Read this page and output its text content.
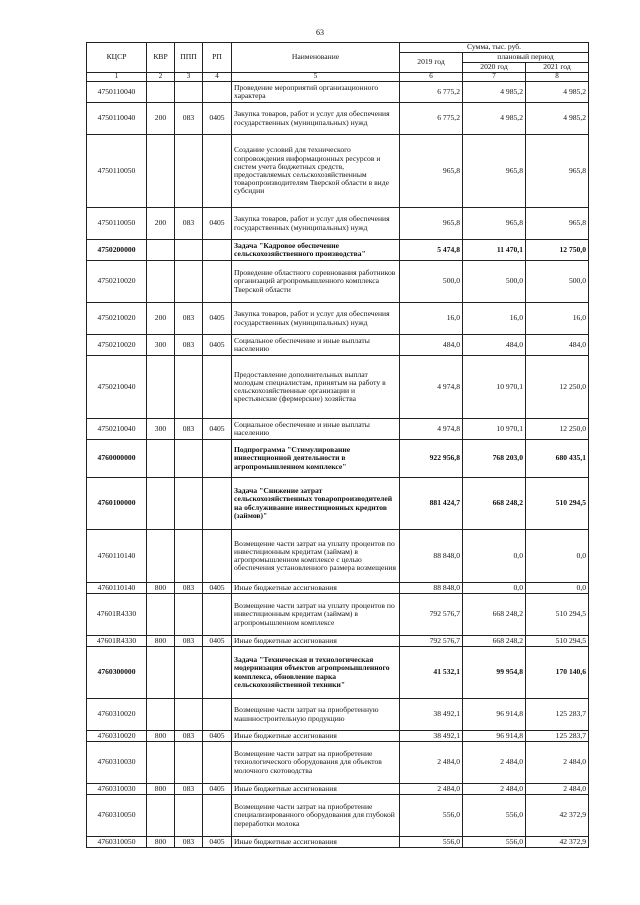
63
КЦСР	КВР	ППП	РП	Наименование	Сумма, тыс. руб.		
					2019 год	плановый период	
						2020 год	2021 год
1	2	3	4	5	6	7	8
4750110040				Проведение мероприятий организационного характера	6 775,2	4 985,2	4 985,2
4750110040	200	083	0405	Закупка товаров, работ и услуг для обеспечения государственных (муниципальных) нужд	6 775,2	4 985,2	4 985,2
4750110050				Создание условий для технического сопровождения информационных ресурсов и систем учета бюджетных средств, предоставляемых сельскохозяйственным товаропроизводителям Тверской области в виде субсидии	965,8	965,8	965,8
4750110050	200	083	0405	Закупка товаров, работ и услуг для обеспечения государственных (муниципальных) нужд	965,8	965,8	965,8
4750200000				Задача "Кадровое обеспечение сельскохозяйственного производства"	5 474,8	11 470,1	12 750,0
4750210020				Проведение областного соревнования работников организаций агропромышленного комплекса Тверской области	500,0	500,0	500,0
4750210020	200	083	0405	Закупка товаров, работ и услуг для обеспечения государственных (муниципальных) нужд	16,0	16,0	16,0
4750210020	300	083	0405	Социальное обеспечение и иные выплаты населению	484,0	484,0	484,0
4750210040				Предоставление дополнительных выплат молодым специалистам, принятым на работу в сельскохозяйственные организации и крестьянские (фермерские) хозяйства	4 974,8	10 970,1	12 250,0
4750210040	300	083	0405	Социальное обеспечение и иные выплаты населению	4 974,8	10 970,1	12 250,0
4760000000				Подпрограмма "Стимулирование инвестиционной деятельности в агропромышленном комплексе"	922 956,8	768 203,0	680 435,1
4760100000				Задача "Снижение затрат сельскохозяйственных товаропроизводителей на обслуживание инвестиционных кредитов (займов)"	881 424,7	668 248,2	510 294,5
4760110140				Возмещение части затрат на уплату процентов по инвестиционным кредитам (займам) в агропромышленном комплексе с целью обеспечения установленного размера возмещения	88 848,0	0,0	0,0
4760110140	800	083	0405	Иные бюджетные ассигнования	88 848,0	0,0	0,0
47601R4330				Возмещение части затрат на уплату процентов по инвестиционным кредитам (займам) в агропромышленном комплексе	792 576,7	668 248,2	510 294,5
47601R4330	800	083	0405	Иные бюджетные ассигнования	792 576,7	668 248,2	510 294,5
4760300000				Задача "Техническая и технологическая модернизация объектов агропромышленного комплекса, обновление парка сельскохозяйственной техники"	41 532,1	99 954,8	170 140,6
4760310020				Возмещение части затрат на приобретенную машиностроительную продукцию	38 492,1	96 914,8	125 283,7
4760310020	800	083	0405	Иные бюджетные ассигнования	38 492,1	96 914,8	125 283,7
4760310030				Возмещение части затрат на приобретение технологического оборудования для объектов молочного скотоводства	2 484,0	2 484,0	2 484,0
4760310030	800	083	0405	Иные бюджетные ассигнования	2 484,0	2 484,0	2 484,0
4760310050				Возмещение части затрат на приобретение специализированного оборудования для глубокой переработки молока	556,0	556,0	42 372,9
4760310050	800	083	0405	Иные бюджетные ассигнования	556,0	556,0	42 372,9
